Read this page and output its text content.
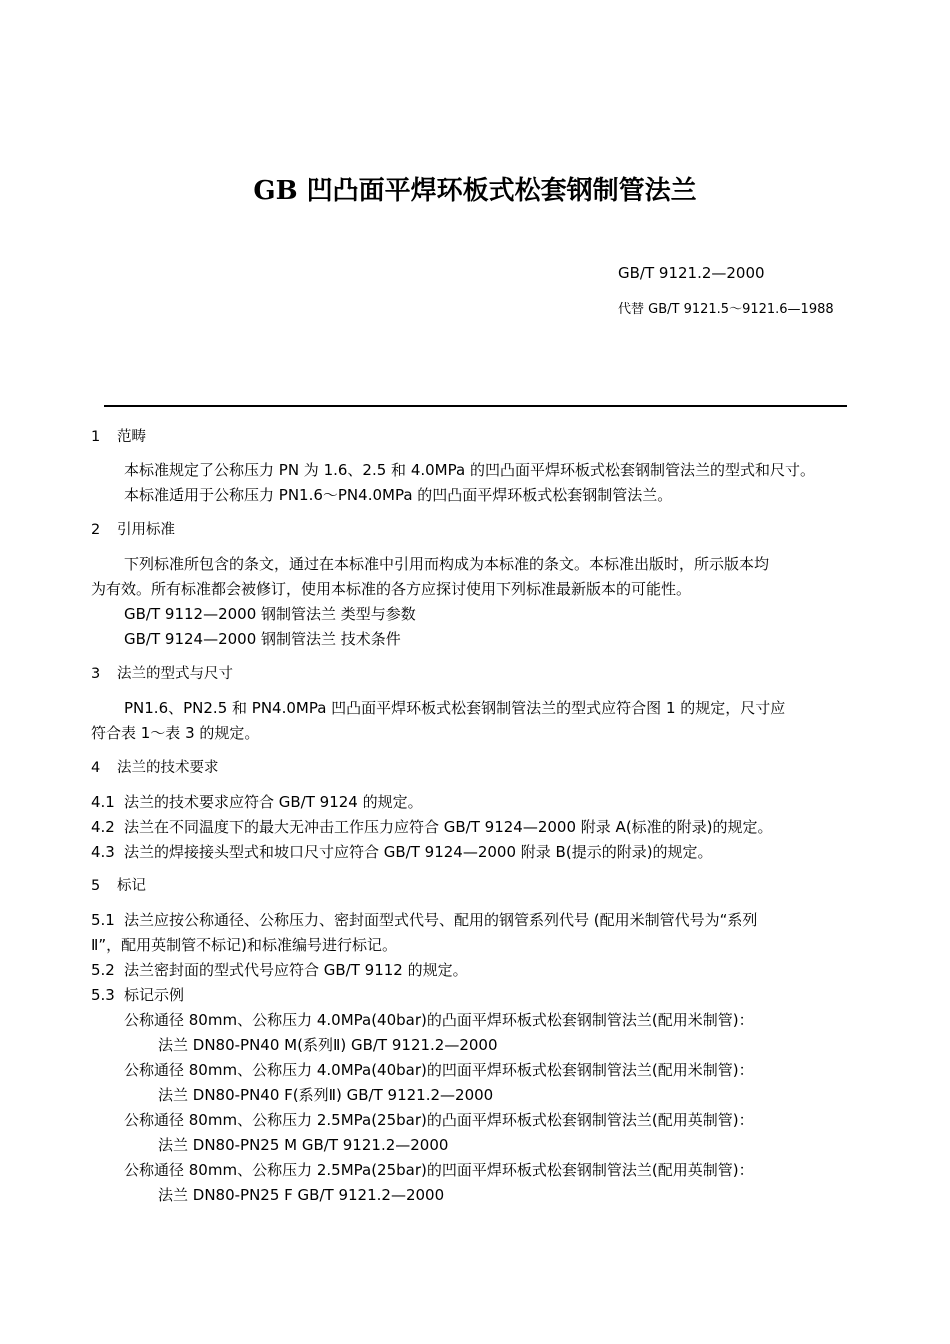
GB 凹凸面平焊环板式松套钢制管法兰
GB/T 9121.2—2000
代替 GB/T 9121.5～9121.6—1988
1 范畴
本标准规定了公称压力 PN 为 1.6、2.5 和 4.0MPa 的凹凸面平焊环板式松套钢制管法兰的型式和尺寸。
本标准适用于公称压力 PN1.6～PN4.0MPa 的凹凸面平焊环板式松套钢制管法兰。
2 引用标准
下列标准所包含的条文，通过在本标准中引用而构成为本标准的条文。本标准出版时，所示版本均
为有效。所有标准都会被修订，使用本标准的各方应探讨使用下列标准最新版本的可能性。
GB/T 9112—2000 钢制管法兰 类型与参数
GB/T 9124—2000 钢制管法兰 技术条件
3 法兰的型式与尺寸
PN1.6、PN2.5 和 PN4.0MPa 凹凸面平焊环板式松套钢制管法兰的型式应符合图 1 的规定，尺寸应
符合表 1～表 3 的规定。
4 法兰的技术要求
4.1 法兰的技术要求应符合 GB/T 9124 的规定。
4.2 法兰在不同温度下的最大无冲击工作压力应符合 GB/T 9124—2000 附录 A(标准的附录)的规定。
4.3 法兰的焊接接头型式和坡口尺寸应符合 GB/T 9124—2000 附录 B(提示的附录)的规定。
5 标记
5.1 法兰应按公称通径、公称压力、密封面型式代号、配用的钢管系列代号 (配用米制管代号为“系列
Ⅱ”，配用英制管不标记)和标准编号进行标记。
5.2 法兰密封面的型式代号应符合 GB/T 9112 的规定。
5.3 标记示例
公称通径 80mm、公称压力 4.0MPa(40bar)的凸面平焊环板式松套钢制管法兰(配用米制管)：
法兰 DN80-PN40 M(系列Ⅱ) GB/T 9121.2—2000
公称通径 80mm、公称压力 4.0MPa(40bar)的凹面平焊环板式松套钢制管法兰(配用米制管)：
法兰 DN80-PN40 F(系列Ⅱ) GB/T 9121.2—2000
公称通径 80mm、公称压力 2.5MPa(25bar)的凸面平焊环板式松套钢制管法兰(配用英制管)：
法兰 DN80-PN25 M GB/T 9121.2—2000
公称通径 80mm、公称压力 2.5MPa(25bar)的凹面平焊环板式松套钢制管法兰(配用英制管)：
法兰 DN80-PN25 F GB/T 9121.2—2000
